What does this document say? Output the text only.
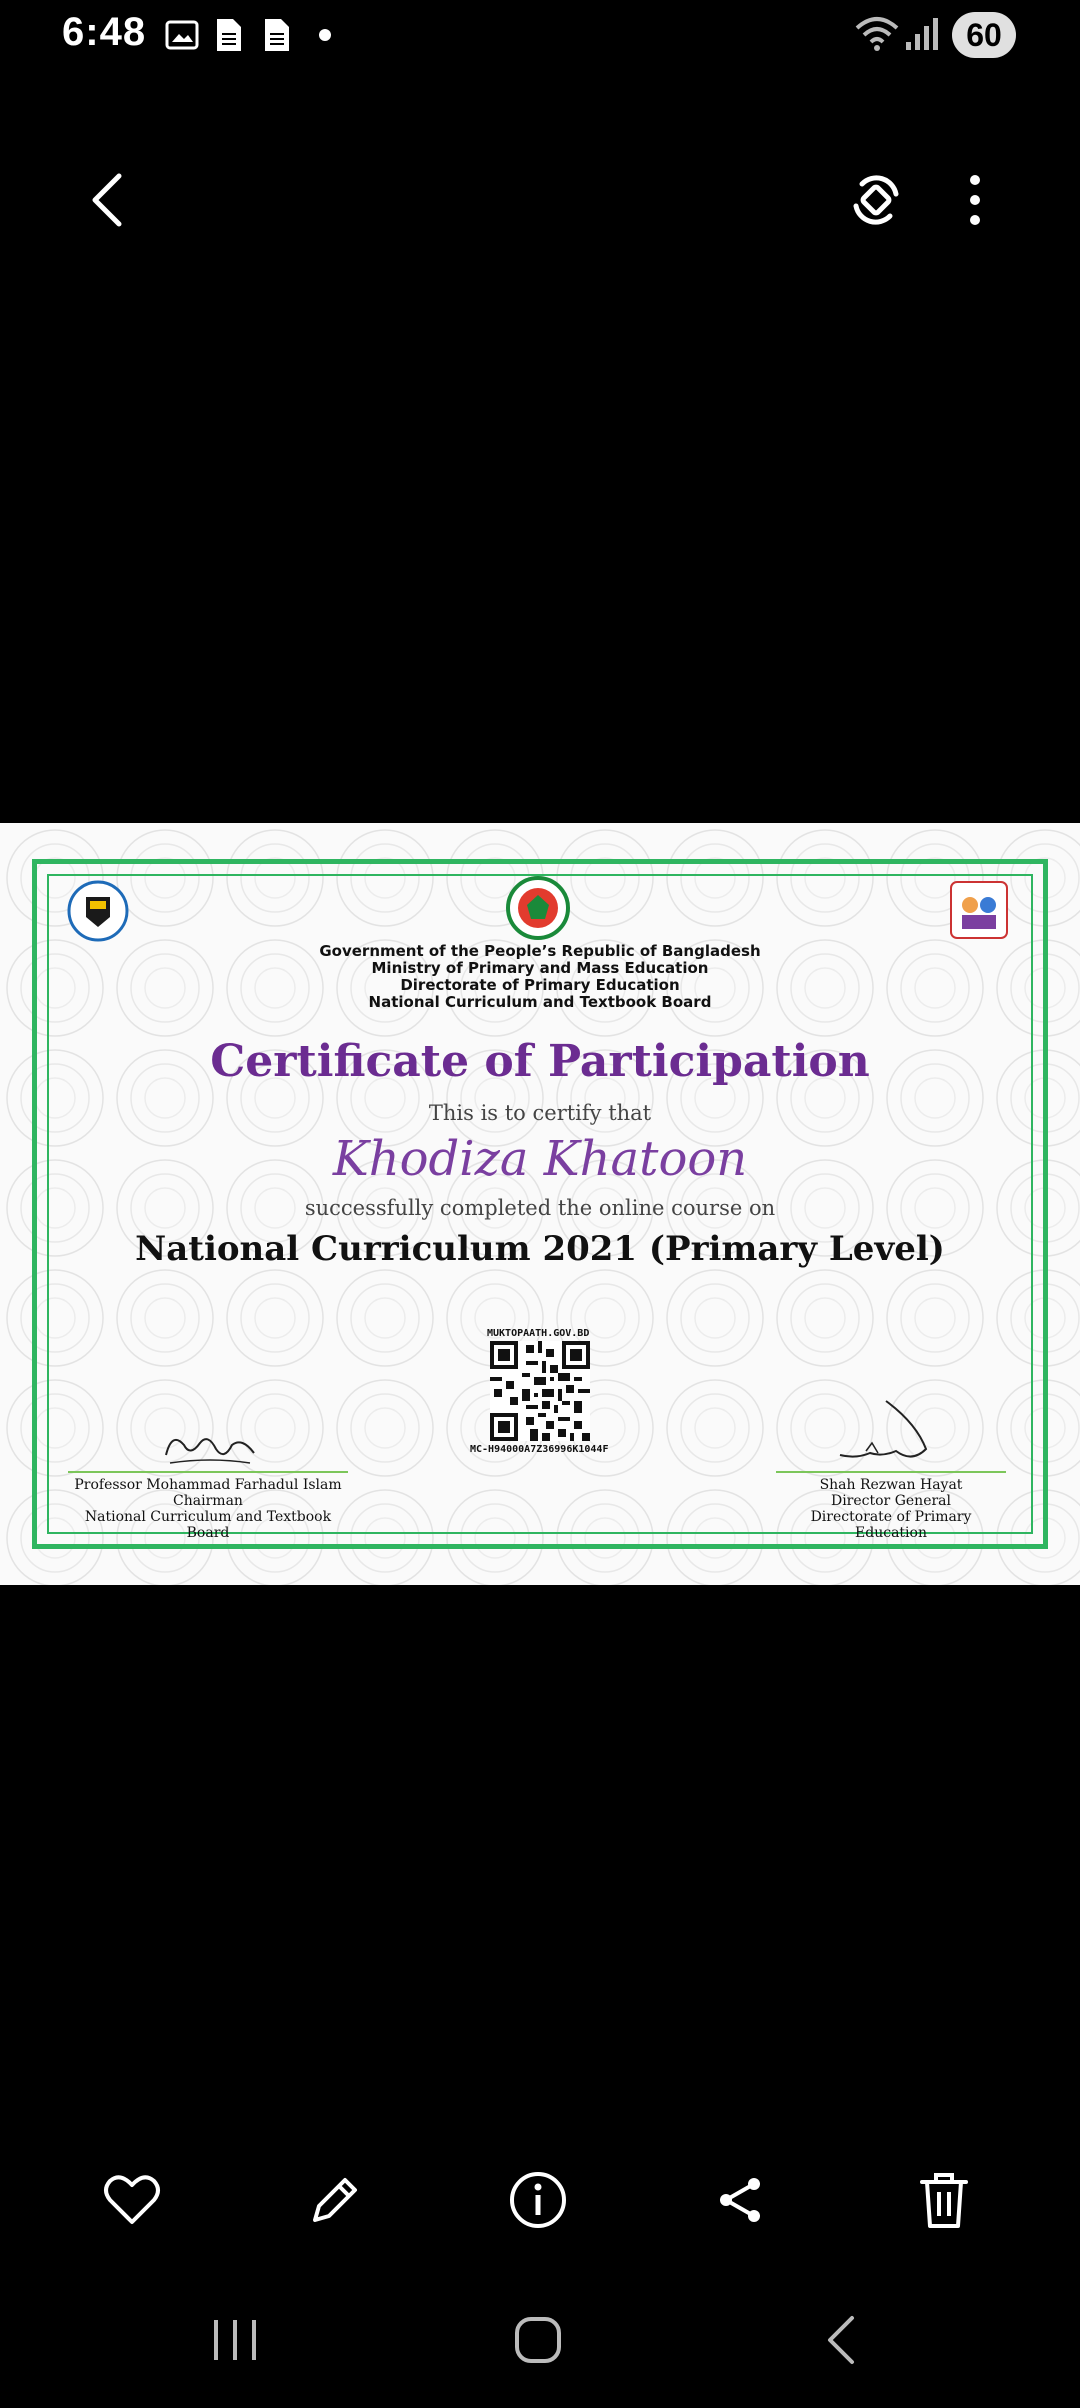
6:48	60
Government of the People’s Republic of Bangladesh
Ministry of Primary and Mass Education
Directorate of Primary Education
National Curriculum and Textbook Board
Certificate of Participation
This is to certify that
Khodiza Khatoon
successfully completed the online course on
National Curriculum 2021 (Primary Level)
MUKTOPAATH.GOV.BD
MC-H94000A7Z36996K1044F
Professor Mohammad Farhadul Islam
Chairman
National Curriculum and Textbook Board
Shah Rezwan Hayat
Director General
Directorate of Primary Education
